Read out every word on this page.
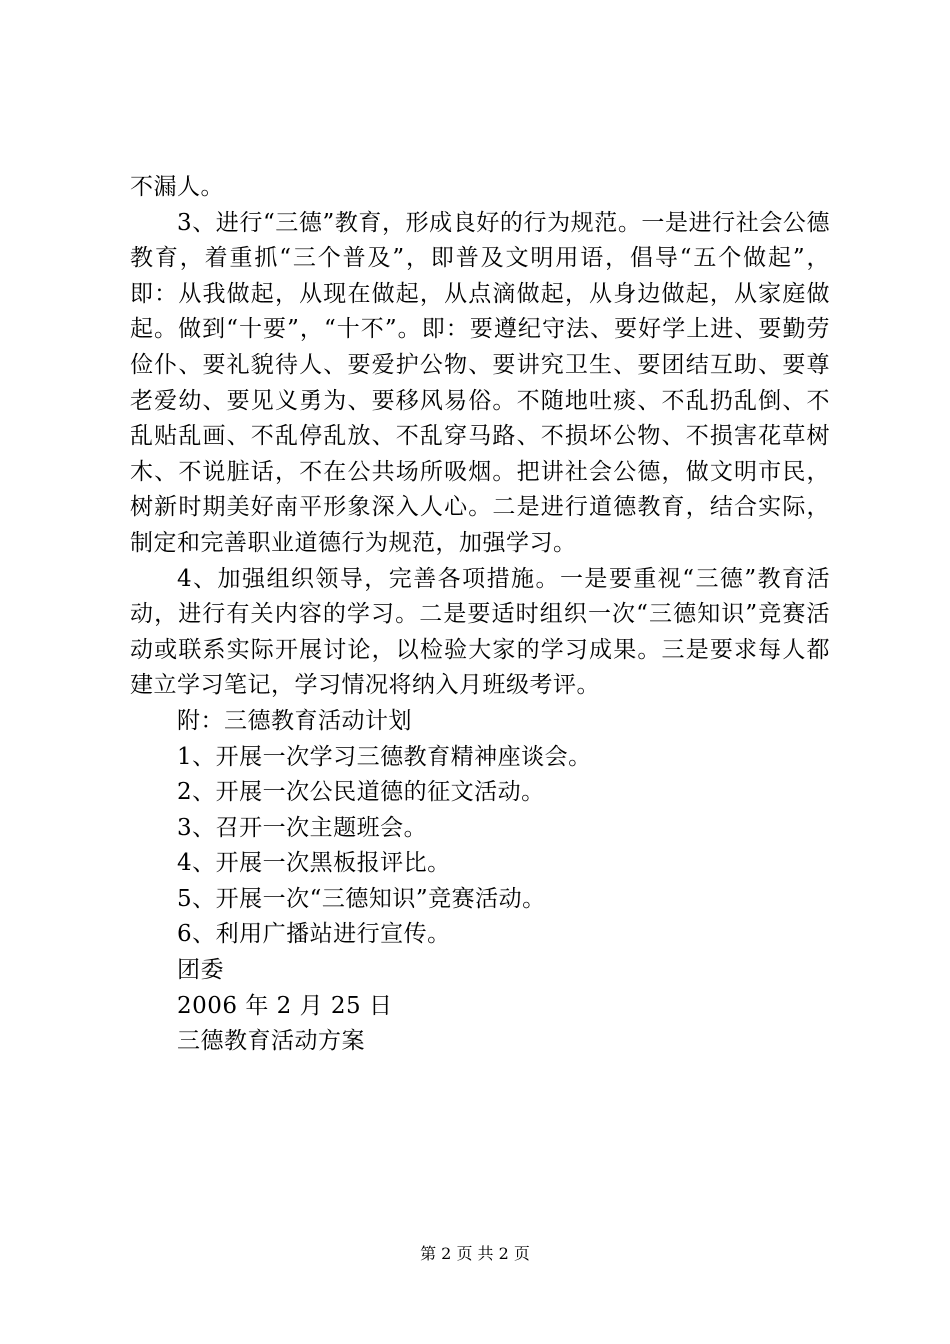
不漏人。

3、进行“三德”教育，形成良好的行为规范。一是进行社会公德教育，着重抓“三个普及”，即普及文明用语，倡导“五个做起”，即：从我做起，从现在做起，从点滴做起，从身边做起，从家庭做起。做到“十要”，“十不”。即：要遵纪守法、要好学上进、要勤劳俭仆、要礼貌待人、要爱护公物、要讲究卫生、要团结互助、要尊老爱幼、要见义勇为、要移风易俗。不随地吐痰、不乱扔乱倒、不乱贴乱画、不乱停乱放、不乱穿马路、不损坏公物、不损害花草树木、不说脏话，不在公共场所吸烟。把讲社会公德，做文明市民，树新时期美好南平形象深入人心。二是进行道德教育，结合实际，制定和完善职业道德行为规范，加强学习。

4、加强组织领导，完善各项措施。一是要重视“三德”教育活动，进行有关内容的学习。二是要适时组织一次“三德知识”竞赛活动或联系实际开展讨论，以检验大家的学习成果。三是要求每人都建立学习笔记，学习情况将纳入月班级考评。

附：三德教育活动计划

1、开展一次学习三德教育精神座谈会。

2、开展一次公民道德的征文活动。

3、召开一次主题班会。

4、开展一次黑板报评比。

5、开展一次“三德知识”竞赛活动。

6、利用广播站进行宣传。

团委

2006 年 2 月 25 日

三德教育活动方案

第 2 页 共 2 页
